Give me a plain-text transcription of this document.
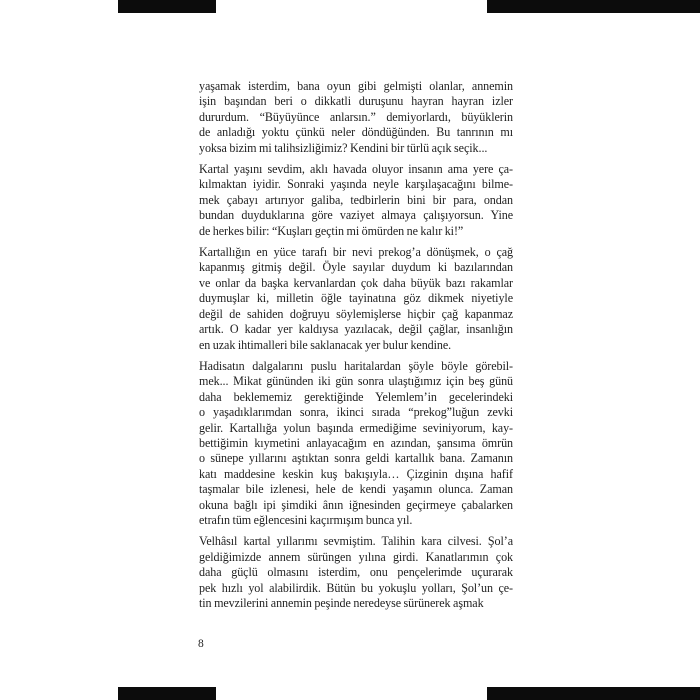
yaşamak isterdim, bana oyun gibi gelmişti olanlar, annemin
işin başından beri o dikkatli duruşunu hayran hayran izler
dururdum. “Büyüyünce anlarsın.” demiyorlardı, büyüklerin
de anladığı yoktu çünkü neler döndüğünden. Bu tanrının mı
yoksa bizim mi talihsizliğimiz? Kendini bir türlü açık seçik...
Kartal yaşını sevdim, aklı havada oluyor insanın ama yere ça-
kılmaktan iyidir. Sonraki yaşında neyle karşılaşacağını bilme-
mek çabayı artırıyor galiba, tedbirlerin bini bir para, ondan
bundan duyduklarına göre vaziyet almaya çalışıyorsun. Yine
de herkes bilir: “Kuşları geçtin mi ömürden ne kalır ki!”
Kartallığın en yüce tarafı bir nevi prekog’a dönüşmek, o çağ
kapanmış gitmiş değil. Öyle sayılar duydum ki bazılarından
ve onlar da başka kervanlardan çok daha büyük bazı rakamlar
duymuşlar ki, milletin öğle tayinatına göz dikmek niyetiyle
değil de sahiden doğruyu söylemişlerse hiçbir çağ kapanmaz
artık. O kadar yer kaldıysa yazılacak, değil çağlar, insanlığın
en uzak ihtimalleri bile saklanacak yer bulur kendine.
Hadisatın dalgalarını puslu haritalardan şöyle böyle görebil-
mek... Mikat gününden iki gün sonra ulaştığımız için beş günü
daha beklememiz gerektiğinde Yelemlem’in gecelerindeki
o yaşadıklarımdan sonra, ikinci sırada “prekog”luğun zevki
gelir. Kartallığa yolun başında ermediğime seviniyorum, kay-
bettiğimin kıymetini anlayacağım en azından, şansıma ömrün
o sünepe yıllarını aştıktan sonra geldi kartallık bana. Zamanın
katı maddesine keskin kuş bakışıyla… Çizginin dışına hafif
taşmalar bile izlenesi, hele de kendi yaşamın olunca. Zaman
okuna bağlı ipi şimdiki ânın iğnesinden geçirmeye çabalarken
etrafın tüm eğlencesini kaçırmışım bunca yıl.
Velhâsıl kartal yıllarımı sevmiştim. Talihin kara cilvesi. Şol’a
geldiğimizde annem sürüngen yılına girdi. Kanatlarımın çok
daha güçlü olmasını isterdim, onu pençelerimde uçurarak
pek hızlı yol alabilirdik. Bütün bu yokuşlu yolları, Şol’un çe-
tin mevzilerini annemin peşinde neredeyse sürünerek aşmak
8
